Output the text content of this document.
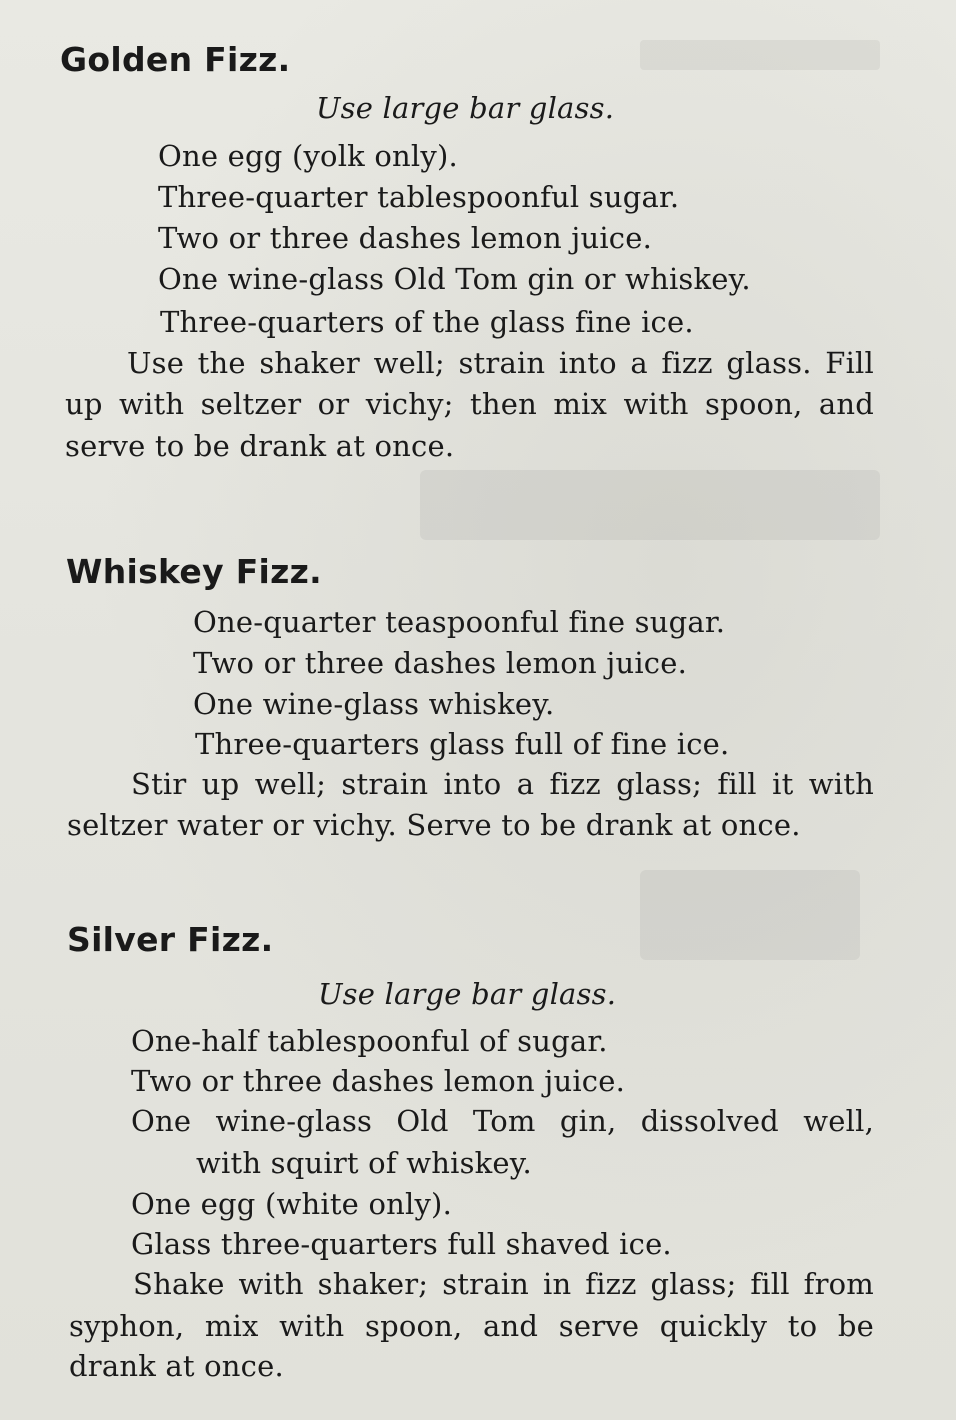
Golden Fizz.
Use large bar glass.
One egg (yolk only).
Three-quarter tablespoonful sugar.
Two or three dashes lemon juice.
One wine-glass Old Tom gin or whiskey.
Three-quarters of the glass fine ice.
Use the shaker well; strain into a fizz glass. Fill
up with seltzer or vichy; then mix with spoon, and
serve to be drank at once.
Whiskey Fizz.
One-quarter teaspoonful fine sugar.
Two or three dashes lemon juice.
One wine-glass whiskey.
Three-quarters glass full of fine ice.
Stir up well; strain into a fizz glass; fill it with
seltzer water or vichy. Serve to be drank at once.
Silver Fizz.
Use large bar glass.
One-half tablespoonful of sugar.
Two or three dashes lemon juice.
One wine-glass Old Tom gin, dissolved well,
with squirt of whiskey.
One egg (white only).
Glass three-quarters full shaved ice.
Shake with shaker; strain in fizz glass; fill from
syphon, mix with spoon, and serve quickly to be
drank at once.
